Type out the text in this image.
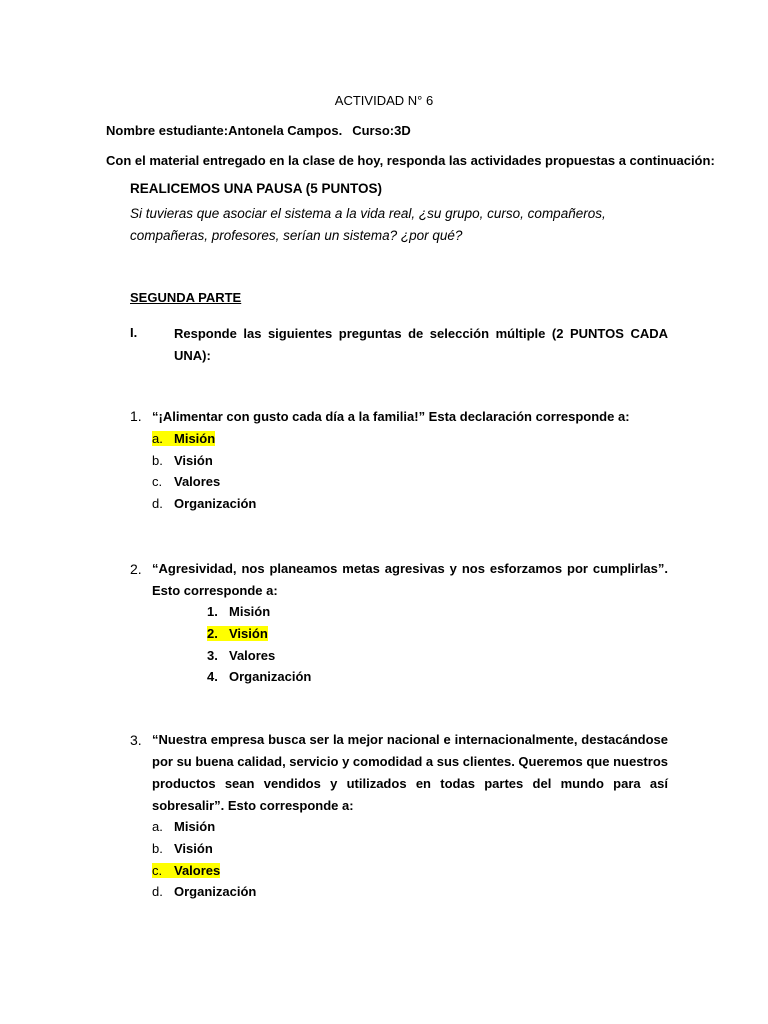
ACTIVIDAD N° 6
Nombre estudiante:Antonela Campos. Curso:3D
Con el material entregado en la clase de hoy, responda las actividades propuestas a continuación:
REALICEMOS UNA PAUSA (5 PUNTOS)
Si tuvieras que asociar el sistema a la vida real, ¿su grupo, curso, compañeros, compañeras, profesores, serían un sistema? ¿por qué?
SEGUNDA PARTE
I.	Responde las siguientes preguntas de selección múltiple (2 PUNTOS CADA UNA):
1. “¡Alimentar con gusto cada día a la familia!” Esta declaración corresponde a:
a. Misión
b. Visión
c. Valores
d. Organización
2. “Agresividad, nos planeamos metas agresivas y nos esforzamos por cumplirlas”. Esto corresponde a:
1. Misión
2. Visión
3. Valores
4. Organización
3. “Nuestra empresa busca ser la mejor nacional e internacionalmente, destacándose por su buena calidad, servicio y comodidad a sus clientes. Queremos que nuestros productos sean vendidos y utilizados en todas partes del mundo para así sobresalir”. Esto corresponde a:
a. Misión
b. Visión
c. Valores
d. Organización
